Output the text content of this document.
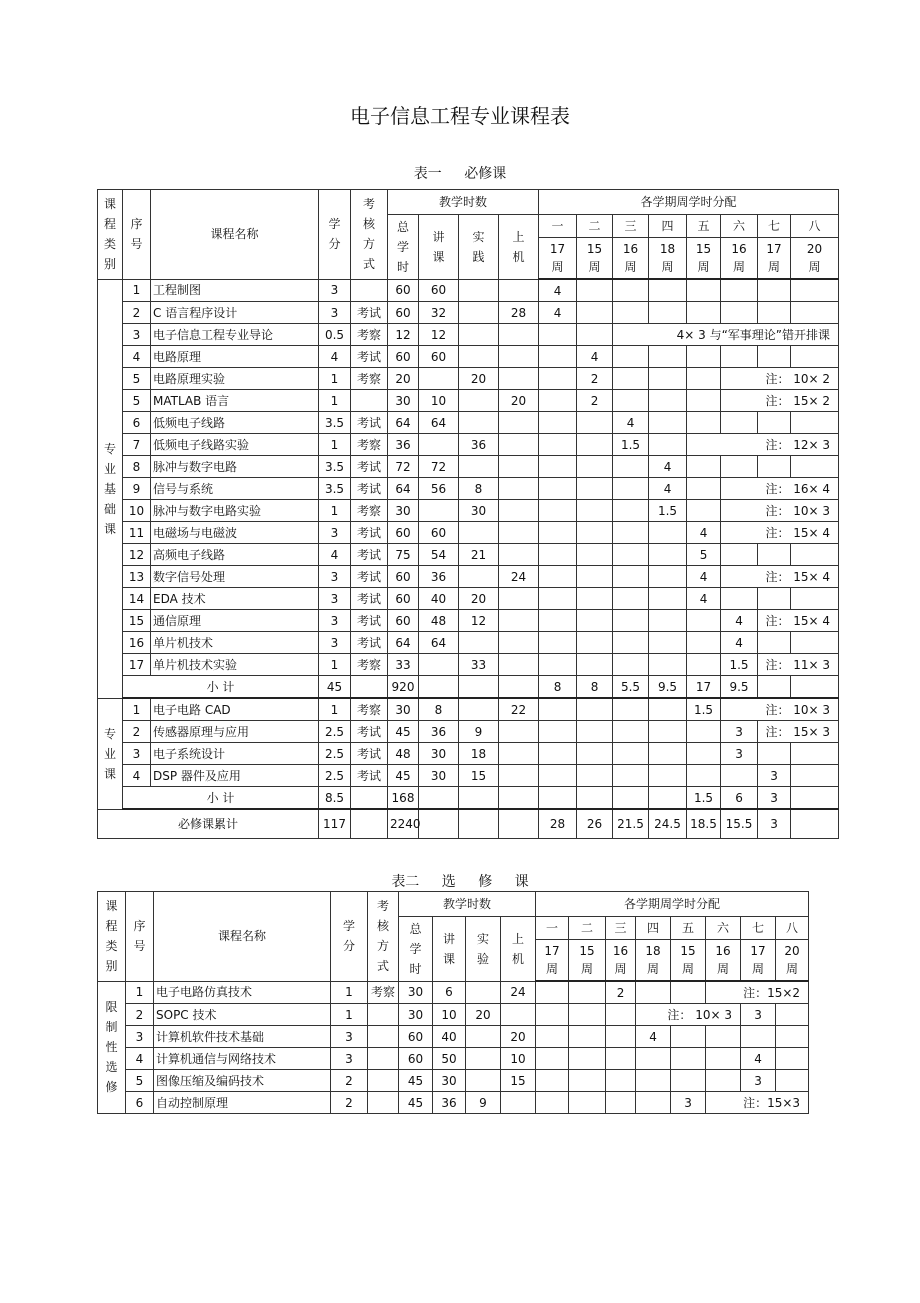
电子信息工程专业课程表
表一 必修课
课程类别	序号	课程名称	学分	考核方式	教学时数				各学期周学时分配							
					总学时	讲课	实践	上机	一	二	三	四	五	六	七	八
									17周	15周	16周	18周	15周	16周	17周	20周
专业基础课	1	工程制图	3		60	60			4							
	2	C 语言程序设计	3	考试	60	32		28	4							
	3	电子信息工程专业导论	0.5	考察	12	12					4× 3 与“军事理论”错开排课					
	4	电路原理	4	考试	60	60				4						
	5	电路原理实验	1	考察	20		20			2				注： 10× 2		
	5	MATLAB 语言	1		30	10		20		2				注： 15× 2		
	6	低频电子线路	3.5	考试	64	64					4					
	7	低频电子线路实验	1	考察	36		36				1.5		注： 12× 3			
	8	脉冲与数字电路	3.5	考试	72	72						4				
	9	信号与系统	3.5	考试	64	56	8					4		注： 16× 4		
	10	脉冲与数字电路实验	1	考察	30		30					1.5		注： 10× 3		
	11	电磁场与电磁波	3	考试	60	60							4	注： 15× 4		
	12	高频电子线路	4	考试	75	54	21						5			
	13	数字信号处理	3	考试	60	36		24					4	注： 15× 4		
	14	EDA 技术	3	考试	60	40	20						4			
	15	通信原理	3	考试	60	48	12							4	注： 15× 4	
	16	单片机技术	3	考试	64	64								4		
	17	单片机技术实验	1	考察	33		33							1.5	注： 11× 3	
	小 计		45		920				8	8	5.5	9.5	17	9.5		
专业课	1	电子电路 CAD	1	考察	30	8		22					1.5	注： 10× 3		
	2	传感器原理与应用	2.5	考试	45	36	9							3	注： 15× 3	
	3	电子系统设计	2.5	考试	48	30	18							3		
	4	DSP 器件及应用	2.5	考试	45	30	15								3	
	小 计		8.5		168								1.5	6	3	
必修课累计			117		2240				28	26	21.5	24.5	18.5	15.5	3	
表二 选 修 课
课程类别	序号	课程名称	学分	考核方式	教学时数				各学期周学时分配							
					总学时	讲课	实验	上机	一	二	三	四	五	六	七	八
									17周	15周	16周	18周	15周	16周	17周	20周
限制性选修	1	电子电路仿真技术	1	考察	30	6		24			2			注：15×2		
	2	SOPC 技术	1		30	10	20					注： 10× 3			3	
	3	计算机软件技术基础	3		60	40		20				4				
	4	计算机通信与网络技术	3		60	50		10							4	
	5	图像压缩及编码技术	2		45	30		15							3	
	6	自动控制原理	2		45	36	9						3	注：15×3		
